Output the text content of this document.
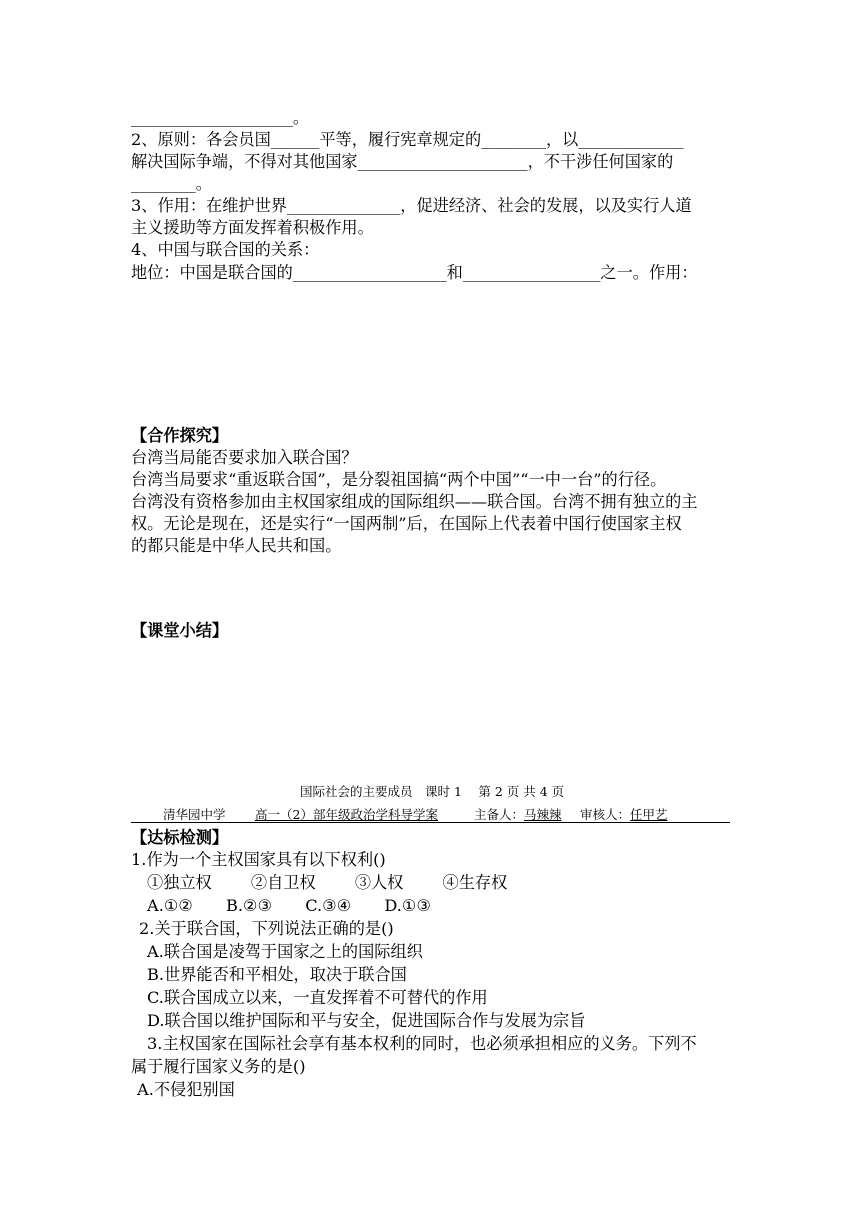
____________________。
2、原则：各会员国______平等，履行宪章规定的________，以_____________
解决国际争端，不得对其他国家_____________________，不干涉任何国家的
________。
3、作用：在维护世界______________，促进经济、社会的发展，以及实行人道
主义援助等方面发挥着积极作用。
4、中国与联合国的关系：
地位：中国是联合国的___________________和_________________之一。作用：
【合作探究】
台湾当局能否要求加入联合国？
台湾当局要求“重返联合国”，是分裂祖国搞“两个中国”“一中一台”的行径。
台湾没有资格参加由主权国家组成的国际组织——联合国。台湾不拥有独立的主
权。无论是现在，还是实行“一国两制”后，在国际上代表着中国行使国家主权
的都只能是中华人民共和国。
【课堂小结】
国际社会的主要成员　课时 1　 第 2 页 共 4 页
清华园中学 高一（2）部年级政治学科导学案	主备人：马辣辣 审核人：任甲艺
【达标检测】
1.作为一个主权国家具有以下权利()
①独立权 ②自卫权 ③人权 ④生存权
A.①② B.②③ C.③④ D.①③
2.关于联合国，下列说法正确的是()
A.联合国是凌驾于国家之上的国际组织
B.世界能否和平相处，取决于联合国
C.联合国成立以来，一直发挥着不可替代的作用
D.联合国以维护国际和平与安全，促进国际合作与发展为宗旨
3.主权国家在国际社会享有基本权利的同时，也必须承担相应的义务。下列不
属于履行国家义务的是()
A.不侵犯别国
